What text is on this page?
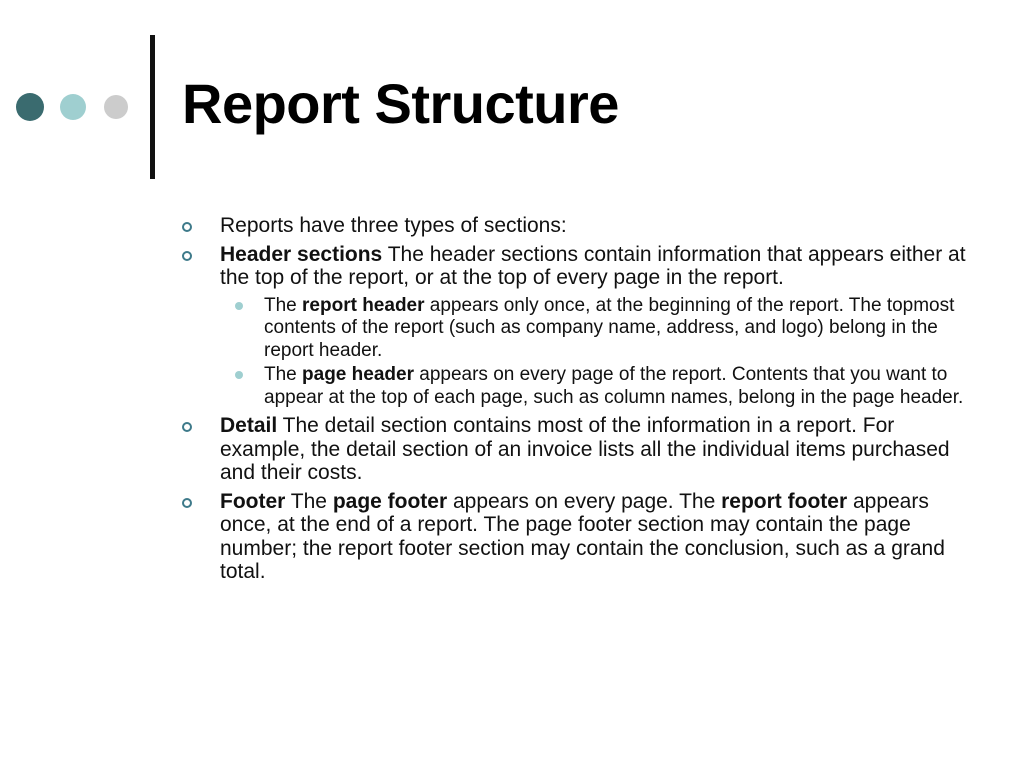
Report Structure

Reports have three types of sections:

Header sections The header sections contain information that appears either at the top of the report, or at the top of every page in the report.

The report header appears only once, at the beginning of the report. The topmost contents of the report (such as company name, address, and logo) belong in the report header.

The page header appears on every page of the report. Contents that you want to appear at the top of each page, such as column names, belong in the page header.

Detail The detail section contains most of the information in a report. For example, the detail section of an invoice lists all the individual items purchased and their costs.

Footer The page footer appears on every page. The report footer appears once, at the end of a report. The page footer section may contain the page number; the report footer section may contain the conclusion, such as a grand total.
